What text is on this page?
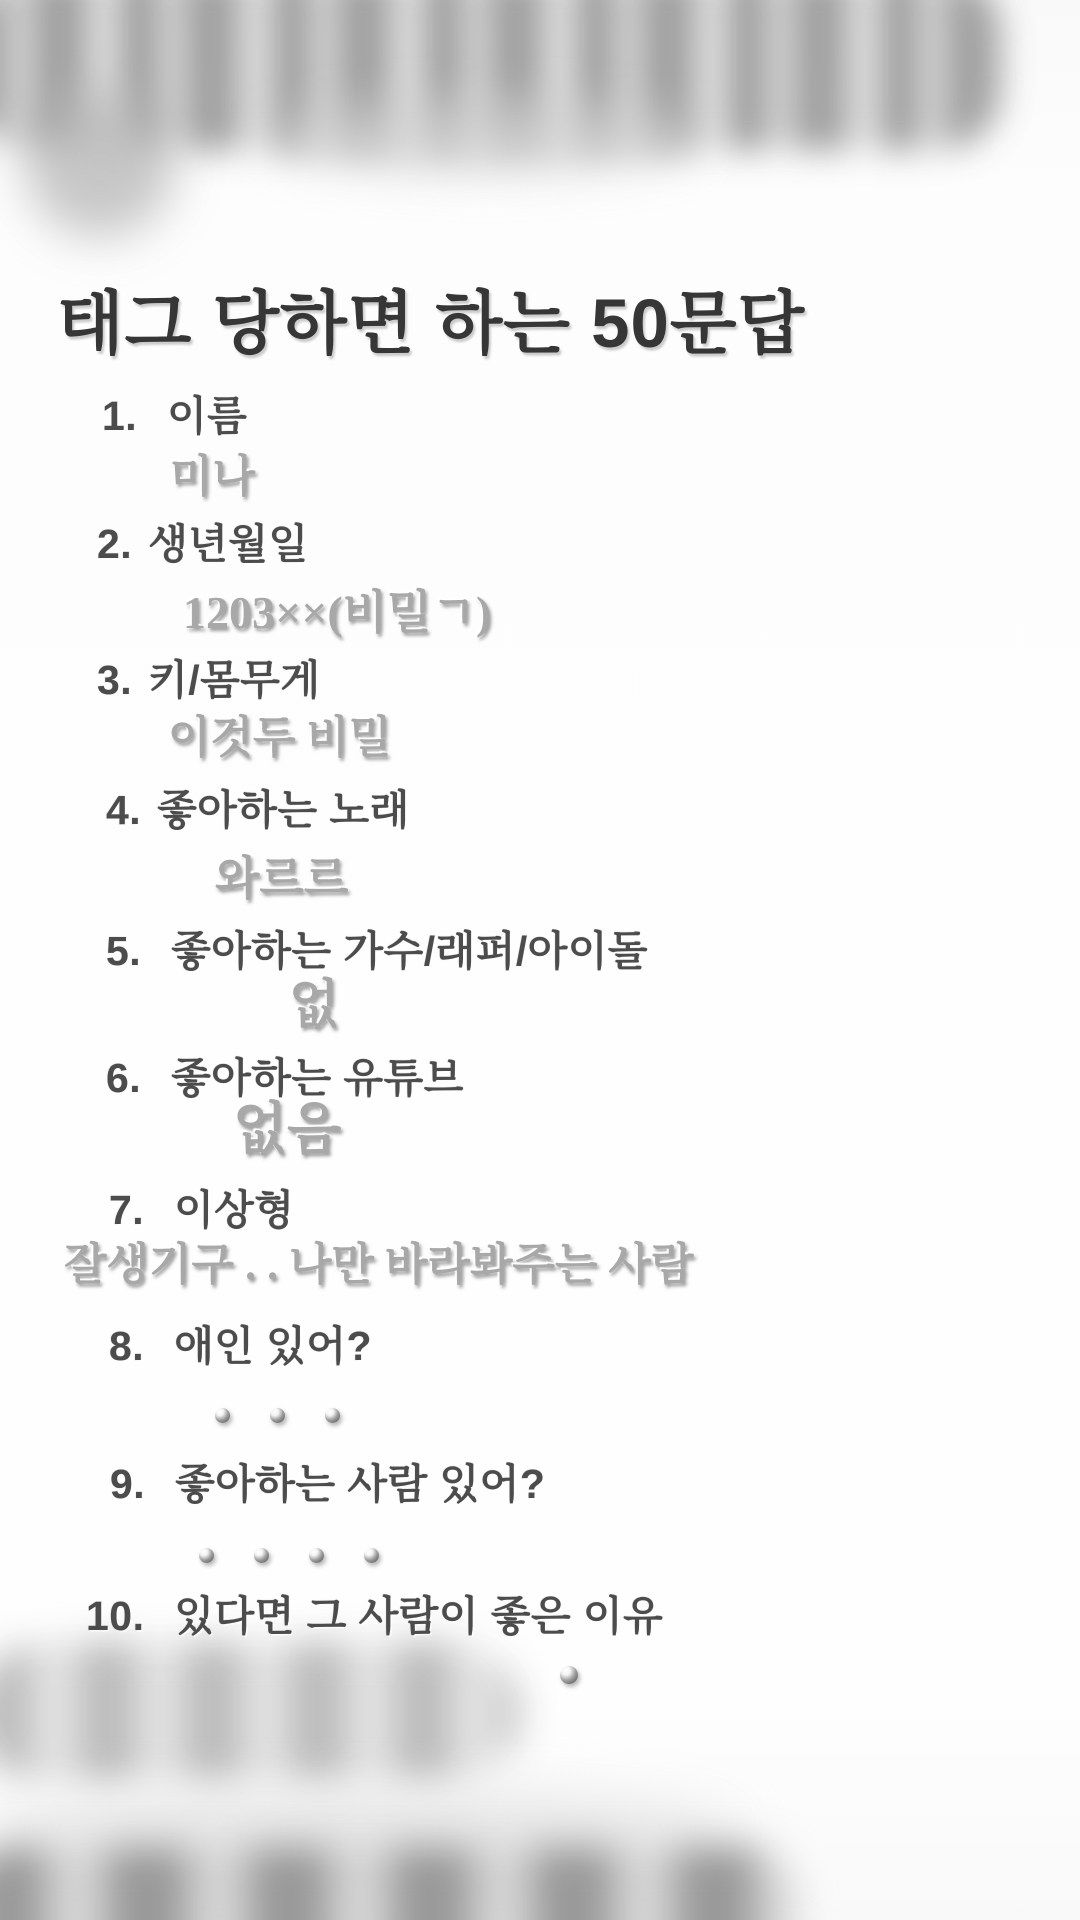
태그 당하면 하는 50문답
1. 이름
미나
2. 생년월일
1203××(비밀ㄱ)
3. 키/몸무게
이것두 비밀
4. 좋아하는 노래
와르르
5. 좋아하는 가수/래퍼/아이돌
없
6. 좋아하는 유튜브
없음
7. 이상형
잘생기구 . . 나만 바라봐주는 사람
8. 애인 있어?
9. 좋아하는 사람 있어?
10. 있다면 그 사람이 좋은 이유
